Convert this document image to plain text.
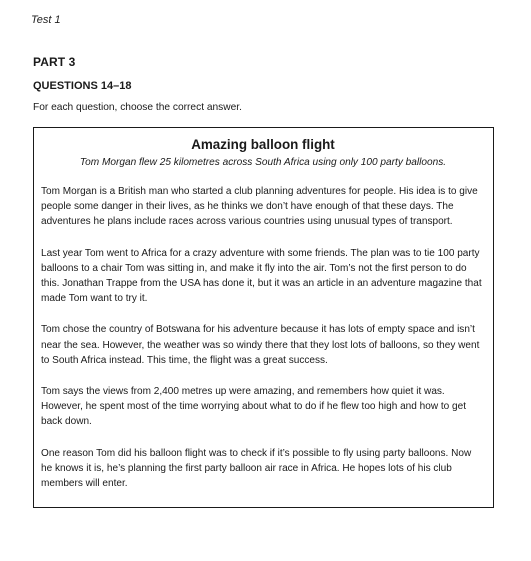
Test 1
PART 3
QUESTIONS 14–18
For each question, choose the correct answer.
Amazing balloon flight

Tom Morgan flew 25 kilometres across South Africa using only 100 party balloons.

Tom Morgan is a British man who started a club planning adventures for people. His idea is to give people some danger in their lives, as he thinks we don’t have enough of that these days. The adventures he plans include races across various countries using unusual types of transport.

Last year Tom went to Africa for a crazy adventure with some friends. The plan was to tie 100 party balloons to a chair Tom was sitting in, and make it fly into the air. Tom’s not the first person to do this. Jonathan Trappe from the USA has done it, but it was an article in an adventure magazine that made Tom want to try it.

Tom chose the country of Botswana for his adventure because it has lots of empty space and isn’t near the sea. However, the weather was so windy there that they lost lots of balloons, so they went to South Africa instead. This time, the flight was a great success.

Tom says the views from 2,400 metres up were amazing, and remembers how quiet it was. However, he spent most of the time worrying about what to do if he flew too high and how to get back down.

One reason Tom did his balloon flight was to check if it’s possible to fly using party balloons. Now he knows it is, he’s planning the first party balloon air race in Africa. He hopes lots of his club members will enter.
